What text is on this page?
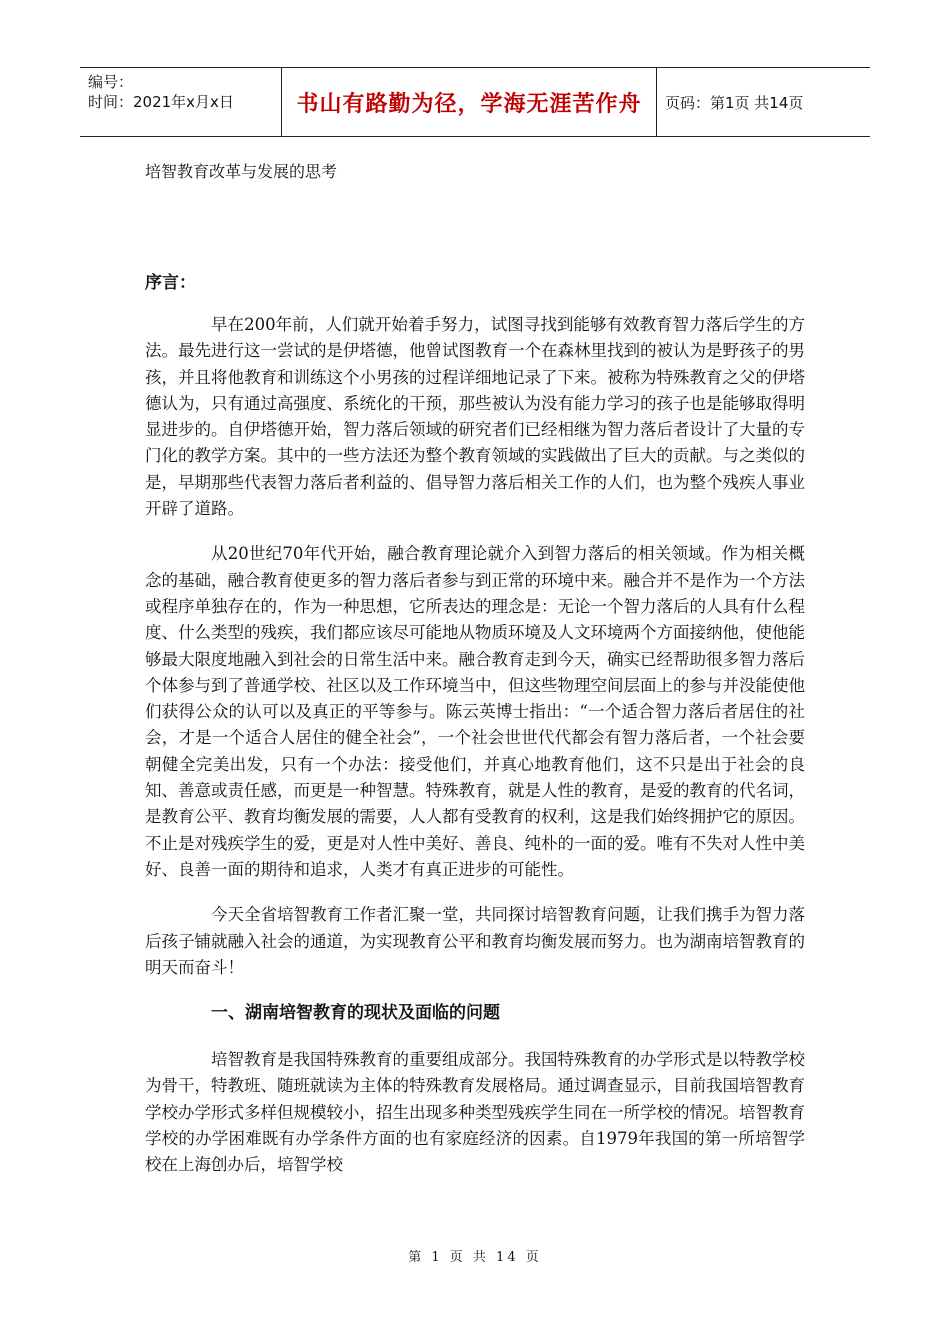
编号：
时间：2021年x月x日	书山有路勤为径，学海无涯苦作舟 页码：第1页 共14页
培智教育改革与发展的思考
序言：

早在200年前，人们就开始着手努力，试图寻找到能够有效教育智力落后学生的方法。最先进行这一尝试的是伊塔德，他曾试图教育一个在森林里找到的被认为是野孩子的男孩，并且将他教育和训练这个小男孩的过程详细地记录了下来。被称为特殊教育之父的伊塔德认为，只有通过高强度、系统化的干预，那些被认为没有能力学习的孩子也是能够取得明显进步的。自伊塔德开始，智力落后领域的研究者们已经相继为智力落后者设计了大量的专门化的教学方案。其中的一些方法还为整个教育领域的实践做出了巨大的贡献。与之类似的是，早期那些代表智力落后者利益的、倡导智力落后相关工作的人们，也为整个残疾人事业开辟了道路。

从20世纪70年代开始，融合教育理论就介入到智力落后的相关领域。作为相关概念的基础，融合教育使更多的智力落后者参与到正常的环境中来。融合并不是作为一个方法或程序单独存在的，作为一种思想，它所表达的理念是：无论一个智力落后的人具有什么程度、什么类型的残疾，我们都应该尽可能地从物质环境及人文环境两个方面接纳他，使他能够最大限度地融入到社会的日常生活中来。融合教育走到今天，确实已经帮助很多智力落后个体参与到了普通学校、社区以及工作环境当中，但这些物理空间层面上的参与并没能使他们获得公众的认可以及真正的平等参与。陈云英博士指出：“一个适合智力落后者居住的社会，才是一个适合人居住的健全社会”，一个社会世世代代都会有智力落后者，一个社会要朝健全完美出发，只有一个办法：接受他们，并真心地教育他们，这不只是出于社会的良知、善意或责任感，而更是一种智慧。特殊教育，就是人性的教育，是爱的教育的代名词，是教育公平、教育均衡发展的需要，人人都有受教育的权利，这是我们始终拥护它的原因。不止是对残疾学生的爱，更是对人性中美好、善良、纯朴的一面的爱。唯有不失对人性中美好、良善一面的期待和追求，人类才有真正进步的可能性。

今天全省培智教育工作者汇聚一堂，共同探讨培智教育问题，让我们携手为智力落后孩子铺就融入社会的通道，为实现教育公平和教育均衡发展而努力。也为湖南培智教育的明天而奋斗！

一、湖南培智教育的现状及面临的问题

培智教育是我国特殊教育的重要组成部分。我国特殊教育的办学形式是以特教学校为骨干，特教班、随班就读为主体的特殊教育发展格局。通过调查显示，目前我国培智教育学校办学形式多样但规模较小，招生出现多种类型残疾学生同在一所学校的情况。培智教育学校的办学困难既有办学条件方面的也有家庭经济的因素。自1979年我国的第一所培智学校在上海创办后，培智学校

第 1 页 共 14 页
